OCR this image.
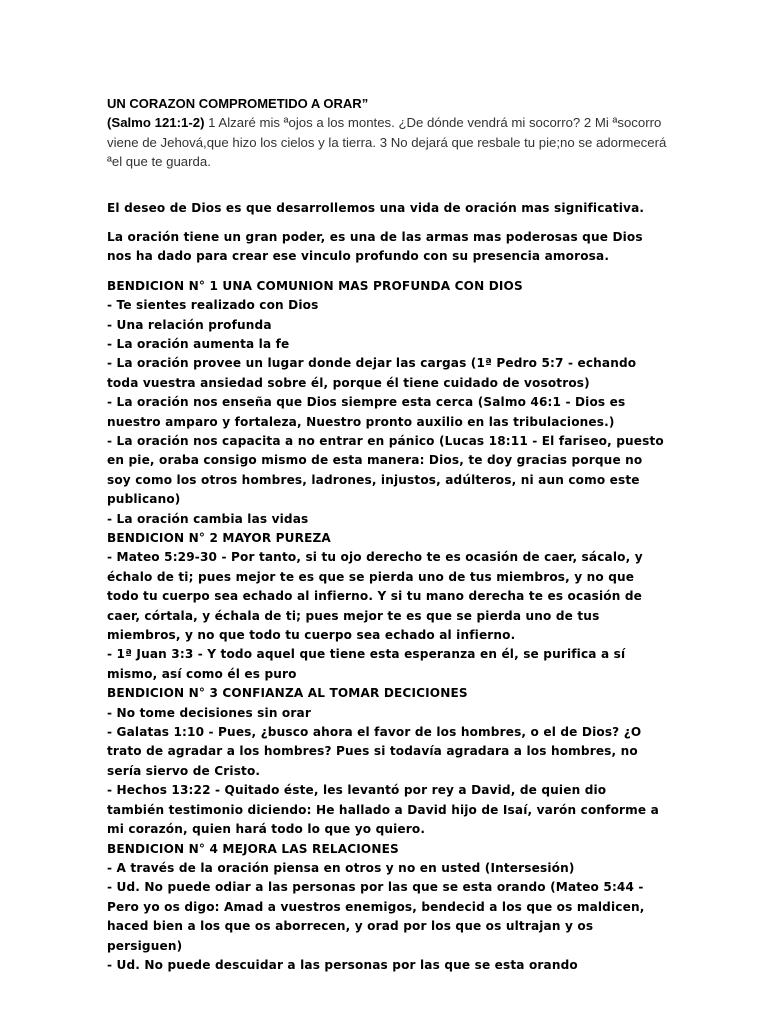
UN CORAZON COMPROMETIDO A ORAR”

(Salmo 121:1-2) 1 Alzaré mis ªojos a los montes. ¿De dónde vendrá mi socorro? 2 Mi ªsocorro viene de Jehová,que hizo los cielos y la tierra. 3 No dejará que resbale tu pie;no se adormecerá ªel que te guarda.

El deseo de Dios es que desarrollemos una vida de oración mas significativa.

La oración tiene un gran poder, es una de las armas mas poderosas que Dios nos ha dado para crear ese vinculo profundo con su presencia amorosa.

BENDICION N° 1 UNA COMUNION MAS PROFUNDA CON DIOS

- Te sientes realizado con Dios

- Una relación profunda

- La oración aumenta la fe

- La oración provee un lugar donde dejar las cargas (1ª Pedro 5:7 - echando toda vuestra ansiedad sobre él, porque él tiene cuidado de vosotros)

- La oración nos enseña que Dios siempre esta cerca (Salmo 46:1 - Dios es nuestro amparo y fortaleza, Nuestro pronto auxilio en las tribulaciones.)

- La oración nos capacita a no entrar en pánico (Lucas 18:11 - El fariseo, puesto en pie, oraba consigo mismo de esta manera: Dios, te doy gracias porque no soy como los otros hombres, ladrones, injustos, adúlteros, ni aun como este publicano)

- La oración cambia las vidas

BENDICION N° 2 MAYOR PUREZA

- Mateo 5:29-30 - Por tanto, si tu ojo derecho te es ocasión de caer, sácalo, y échalo de ti; pues mejor te es que se pierda uno de tus miembros, y no que todo tu cuerpo sea echado al infierno. Y si tu mano derecha te es ocasión de caer, córtala, y échala de ti; pues mejor te es que se pierda uno de tus miembros, y no que todo tu cuerpo sea echado al infierno.

- 1ª Juan 3:3 - Y todo aquel que tiene esta esperanza en él, se purifica a sí mismo, así como él es puro

BENDICION N° 3 CONFIANZA AL TOMAR DECICIONES

- No tome decisiones sin orar

- Galatas 1:10 - Pues, ¿busco ahora el favor de los hombres, o el de Dios? ¿O trato de agradar a los hombres? Pues si todavía agradara a los hombres, no sería siervo de Cristo.

- Hechos 13:22 - Quitado éste, les levantó por rey a David, de quien dio también testimonio diciendo: He hallado a David hijo de Isaí, varón conforme a mi corazón, quien hará todo lo que yo quiero.

BENDICION N° 4 MEJORA LAS RELACIONES

- A través de la oración piensa en otros y no en usted (Intersesión)

- Ud. No puede odiar a las personas por las que se esta orando (Mateo 5:44 - Pero yo os digo: Amad a vuestros enemigos, bendecid a los que os maldicen, haced bien a los que os aborrecen, y orad por los que os ultrajan y os persiguen)

- Ud. No puede descuidar a las personas por las que se esta orando
